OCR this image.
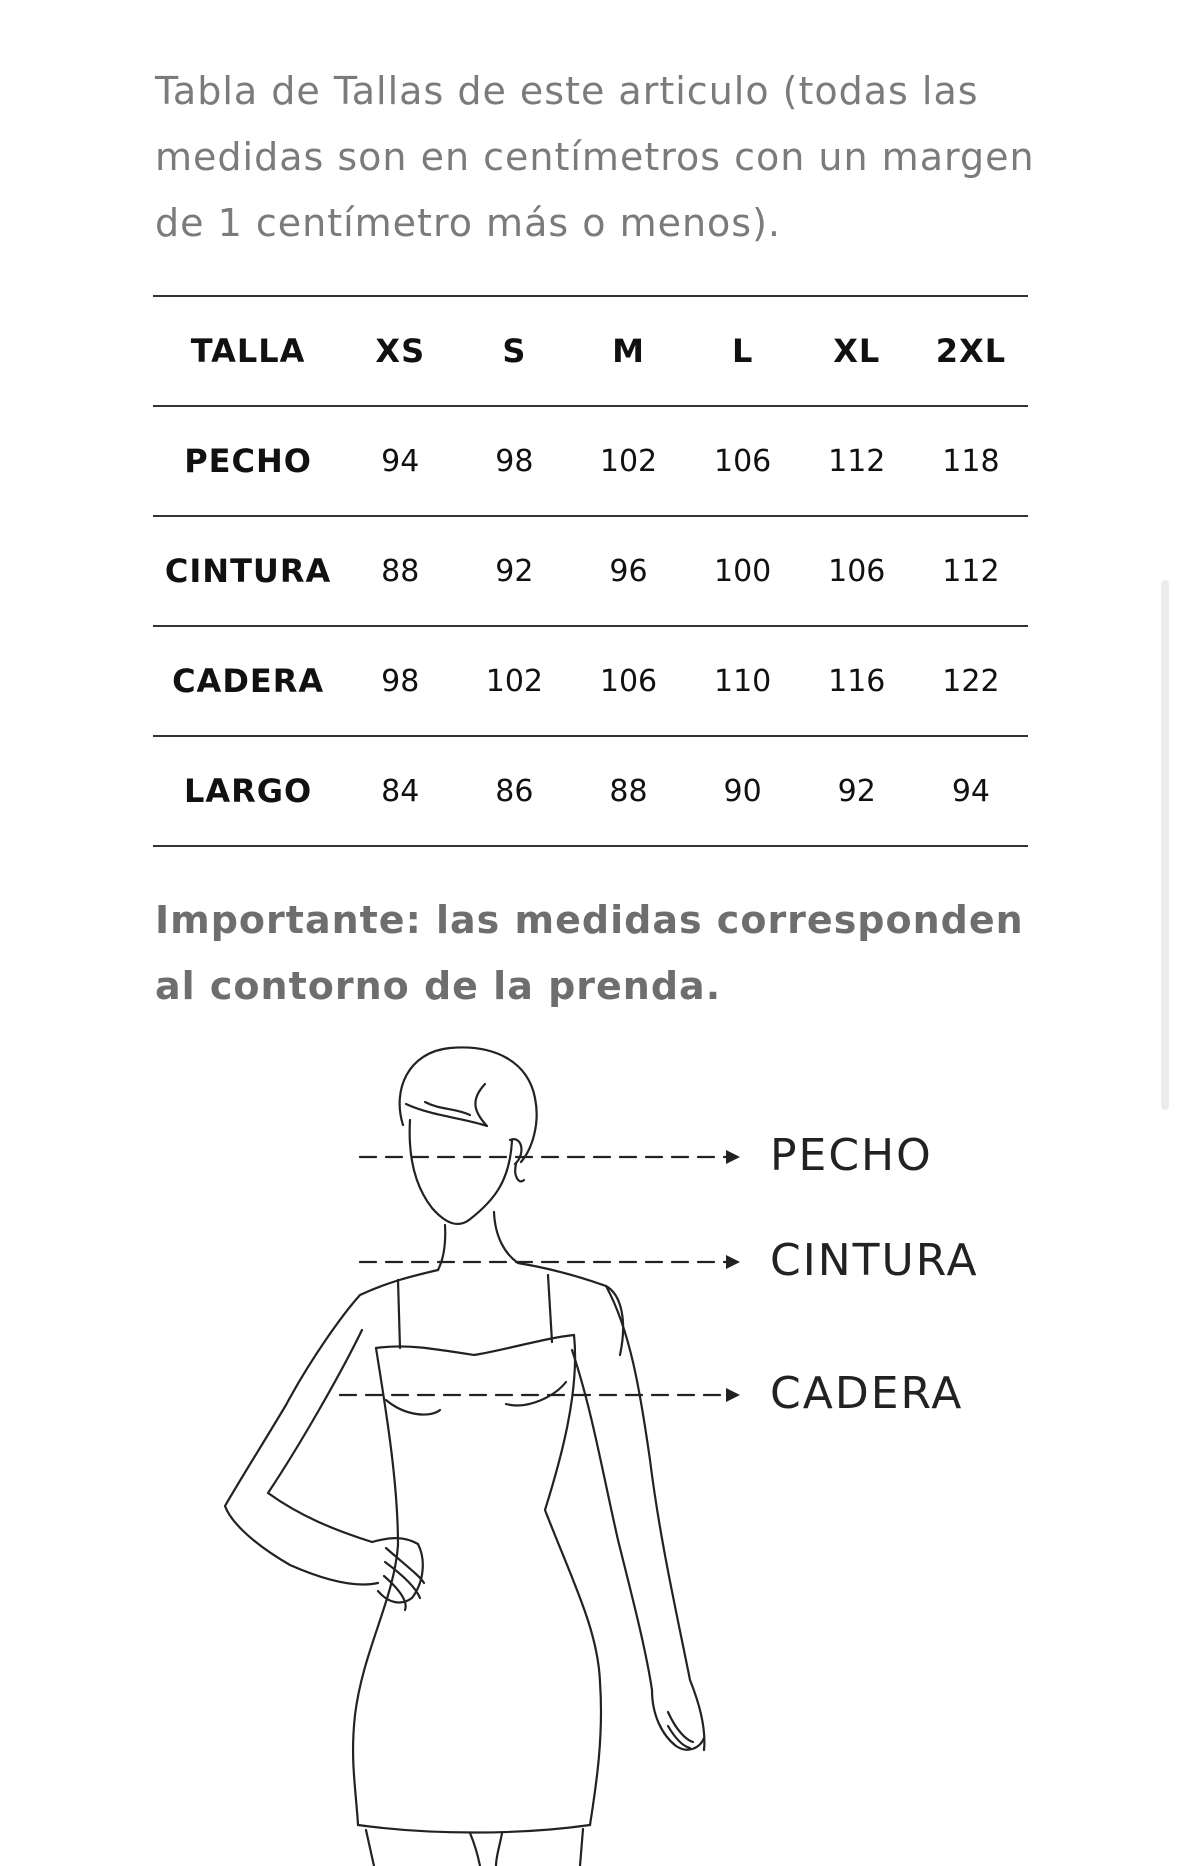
Tabla de Tallas de este articulo (todas las medidas son en centímetros con un margen de 1 centímetro más o menos).

TALLA	XS	S	M	L	XL	2XL
PECHO	94	98	102	106	112	118
CINTURA	88	92	96	100	106	112
CADERA	98	102	106	110	116	122
LARGO	84	86	88	90	92	94

Importante: las medidas corresponden al contorno de la prenda.

PECHO
CINTURA
CADERA
